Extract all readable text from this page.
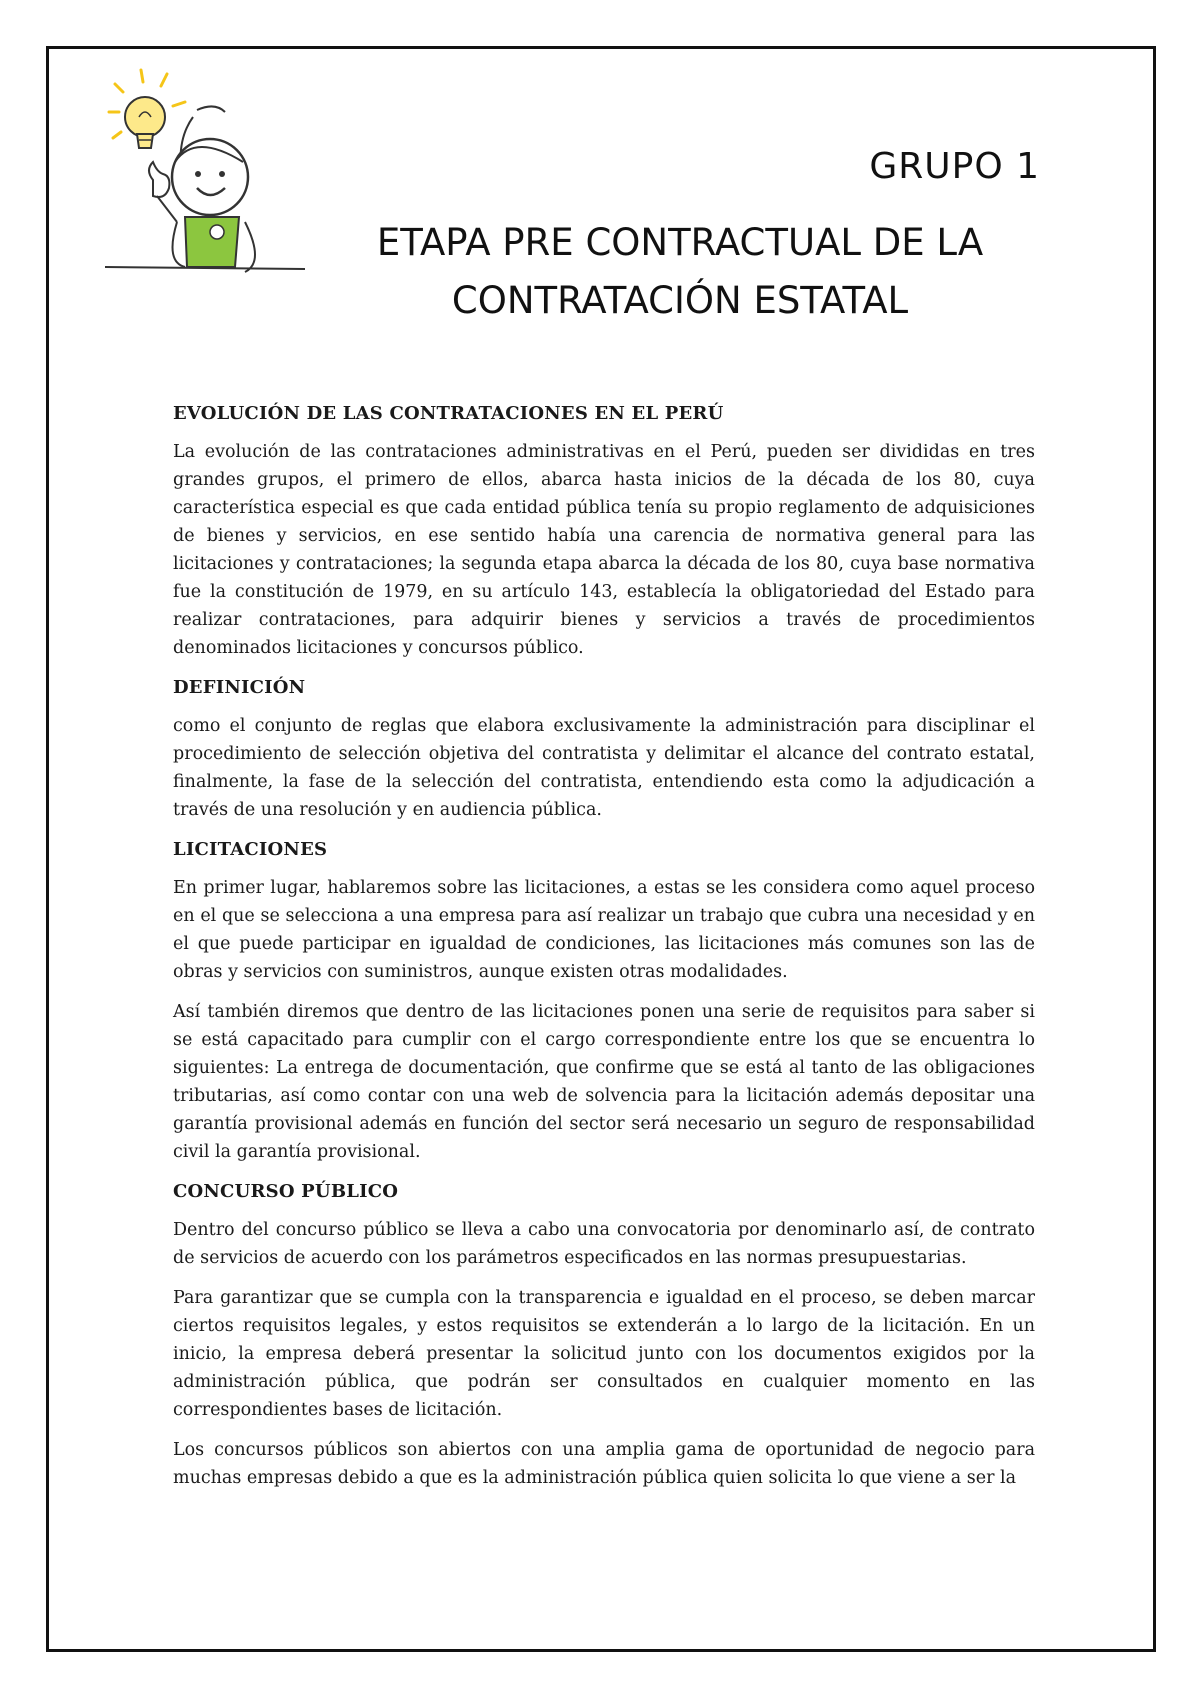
GRUPO 1
ETAPA PRE CONTRACTUAL DE LA
CONTRATACIÓN ESTATAL
EVOLUCIÓN DE LAS CONTRATACIONES EN EL PERÚ

La evolución de las contrataciones administrativas en el Perú, pueden ser divididas en tres grandes grupos, el primero de ellos, abarca hasta inicios de la década de los 80, cuya característica especial es que cada entidad pública tenía su propio reglamento de adquisiciones de bienes y servicios, en ese sentido había una carencia de normativa general para las licitaciones y contrataciones; la segunda etapa abarca la década de los 80, cuya base normativa fue la constitución de 1979, en su artículo 143, establecía la obligatoriedad del Estado para realizar contrataciones, para adquirir bienes y servicios a través de procedimientos denominados licitaciones y concursos público.

DEFINICIÓN

como el conjunto de reglas que elabora exclusivamente la administración para disciplinar el procedimiento de selección objetiva del contratista y delimitar el alcance del contrato estatal, finalmente, la fase de la selección del contratista, entendiendo esta como la adjudicación a través de una resolución y en audiencia pública.

LICITACIONES

En primer lugar, hablaremos sobre las licitaciones, a estas se les considera como aquel proceso en el que se selecciona a una empresa para así realizar un trabajo que cubra una necesidad y en el que puede participar en igualdad de condiciones, las licitaciones más comunes son las de obras y servicios con suministros, aunque existen otras modalidades.

Así también diremos que dentro de las licitaciones ponen una serie de requisitos para saber si se está capacitado para cumplir con el cargo correspondiente entre los que se encuentra lo siguientes: La entrega de documentación, que confirme que se está al tanto de las obligaciones tributarias, así como contar con una web de solvencia para la licitación además depositar una garantía provisional además en función del sector será necesario un seguro de responsabilidad civil la garantía provisional.

CONCURSO PÚBLICO

Dentro del concurso público se lleva a cabo una convocatoria por denominarlo así, de contrato de servicios de acuerdo con los parámetros especificados en las normas presupuestarias.

Para garantizar que se cumpla con la transparencia e igualdad en el proceso, se deben marcar ciertos requisitos legales, y estos requisitos se extenderán a lo largo de la licitación. En un inicio, la empresa deberá presentar la solicitud junto con los documentos exigidos por la administración pública, que podrán ser consultados en cualquier momento en las correspondientes bases de licitación.

Los concursos públicos son abiertos con una amplia gama de oportunidad de negocio para muchas empresas debido a que es la administración pública quien solicita lo que viene a ser la
